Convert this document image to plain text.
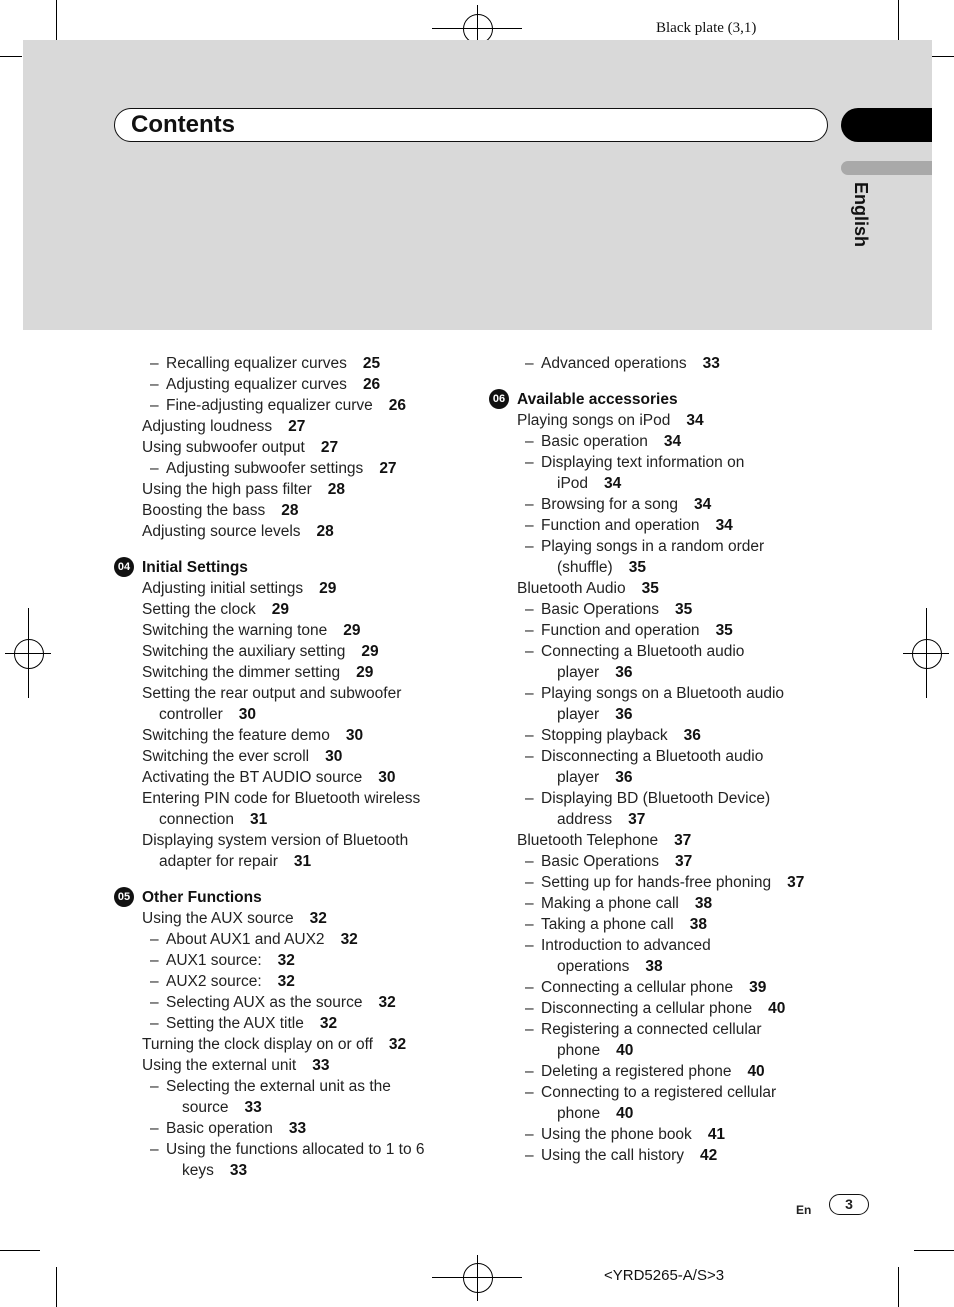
Black plate (3,1)
Contents
English
– Recalling equalizer curves 25
– Adjusting equalizer curves 26
– Fine-adjusting equalizer curve 26
Adjusting loudness 27
Using subwoofer output 27
– Adjusting subwoofer settings 27
Using the high pass filter 28
Boosting the bass 28
Adjusting source levels 28
04 Initial Settings
Adjusting initial settings 29
Setting the clock 29
Switching the warning tone 29
Switching the auxiliary setting 29
Switching the dimmer setting 29
Setting the rear output and subwoofer
controller 30
Switching the feature demo 30
Switching the ever scroll 30
Activating the BT AUDIO source 30
Entering PIN code for Bluetooth wireless
connection 31
Displaying system version of Bluetooth
adapter for repair 31
05 Other Functions
Using the AUX source 32
– About AUX1 and AUX2 32
– AUX1 source: 32
– AUX2 source: 32
– Selecting AUX as the source 32
– Setting the AUX title 32
Turning the clock display on or off 32
Using the external unit 33
– Selecting the external unit as the
source 33
– Basic operation 33
– Using the functions allocated to 1 to 6
keys 33
– Advanced operations 33
06 Available accessories
Playing songs on iPod 34
– Basic operation 34
– Displaying text information on
iPod 34
– Browsing for a song 34
– Function and operation 34
– Playing songs in a random order
(shuffle) 35
Bluetooth Audio 35
– Basic Operations 35
– Function and operation 35
– Connecting a Bluetooth audio
player 36
– Playing songs on a Bluetooth audio
player 36
– Stopping playback 36
– Disconnecting a Bluetooth audio
player 36
– Displaying BD (Bluetooth Device)
address 37
Bluetooth Telephone 37
– Basic Operations 37
– Setting up for hands-free phoning 37
– Making a phone call 38
– Taking a phone call 38
– Introduction to advanced
operations 38
– Connecting a cellular phone 39
– Disconnecting a cellular phone 40
– Registering a connected cellular
phone 40
– Deleting a registered phone 40
– Connecting to a registered cellular
phone 40
– Using the phone book 41
– Using the call history 42
En	3
<YRD5265-A/S>3
